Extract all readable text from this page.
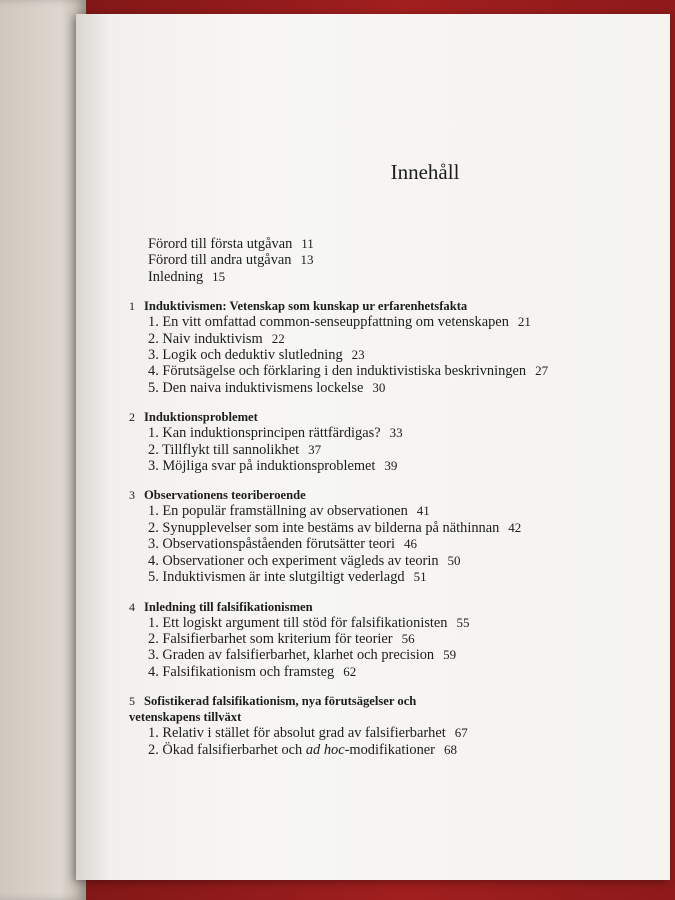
Innehåll
Förord till första utgåvan 11
Förord till andra utgåvan 13
Inledning 15
1 Induktivismen: Vetenskap som kunskap ur erfarenhetsfakta
1. En vitt omfattad common-senseuppfattning om vetenskapen 21
2. Naiv induktivism 22
3. Logik och deduktiv slutledning 23
4. Förutsägelse och förklaring i den induktivistiska beskrivningen 27
5. Den naiva induktivismens lockelse 30
2 Induktionsproblemet
1. Kan induktionsprincipen rättfärdigas? 33
2. Tillflykt till sannolikhet 37
3. Möjliga svar på induktionsproblemet 39
3 Observationens teoriberoende
1. En populär framställning av observationen 41
2. Synupplevelser som inte bestäms av bilderna på näthinnan 42
3. Observationspåståenden förutsätter teori 46
4. Observationer och experiment vägleds av teorin 50
5. Induktivismen är inte slutgiltigt vederlagd 51
4 Inledning till falsifikationismen
1. Ett logiskt argument till stöd för falsifikationisten 55
2. Falsifierbarhet som kriterium för teorier 56
3. Graden av falsifierbarhet, klarhet och precision 59
4. Falsifikationism och framsteg 62
5 Sofistikerad falsifikationism, nya förutsägelser och
vetenskapens tillväxt
1. Relativ i stället för absolut grad av falsifierbarhet 67
2. Ökad falsifierbarhet och ad hoc-modifikationer 68
